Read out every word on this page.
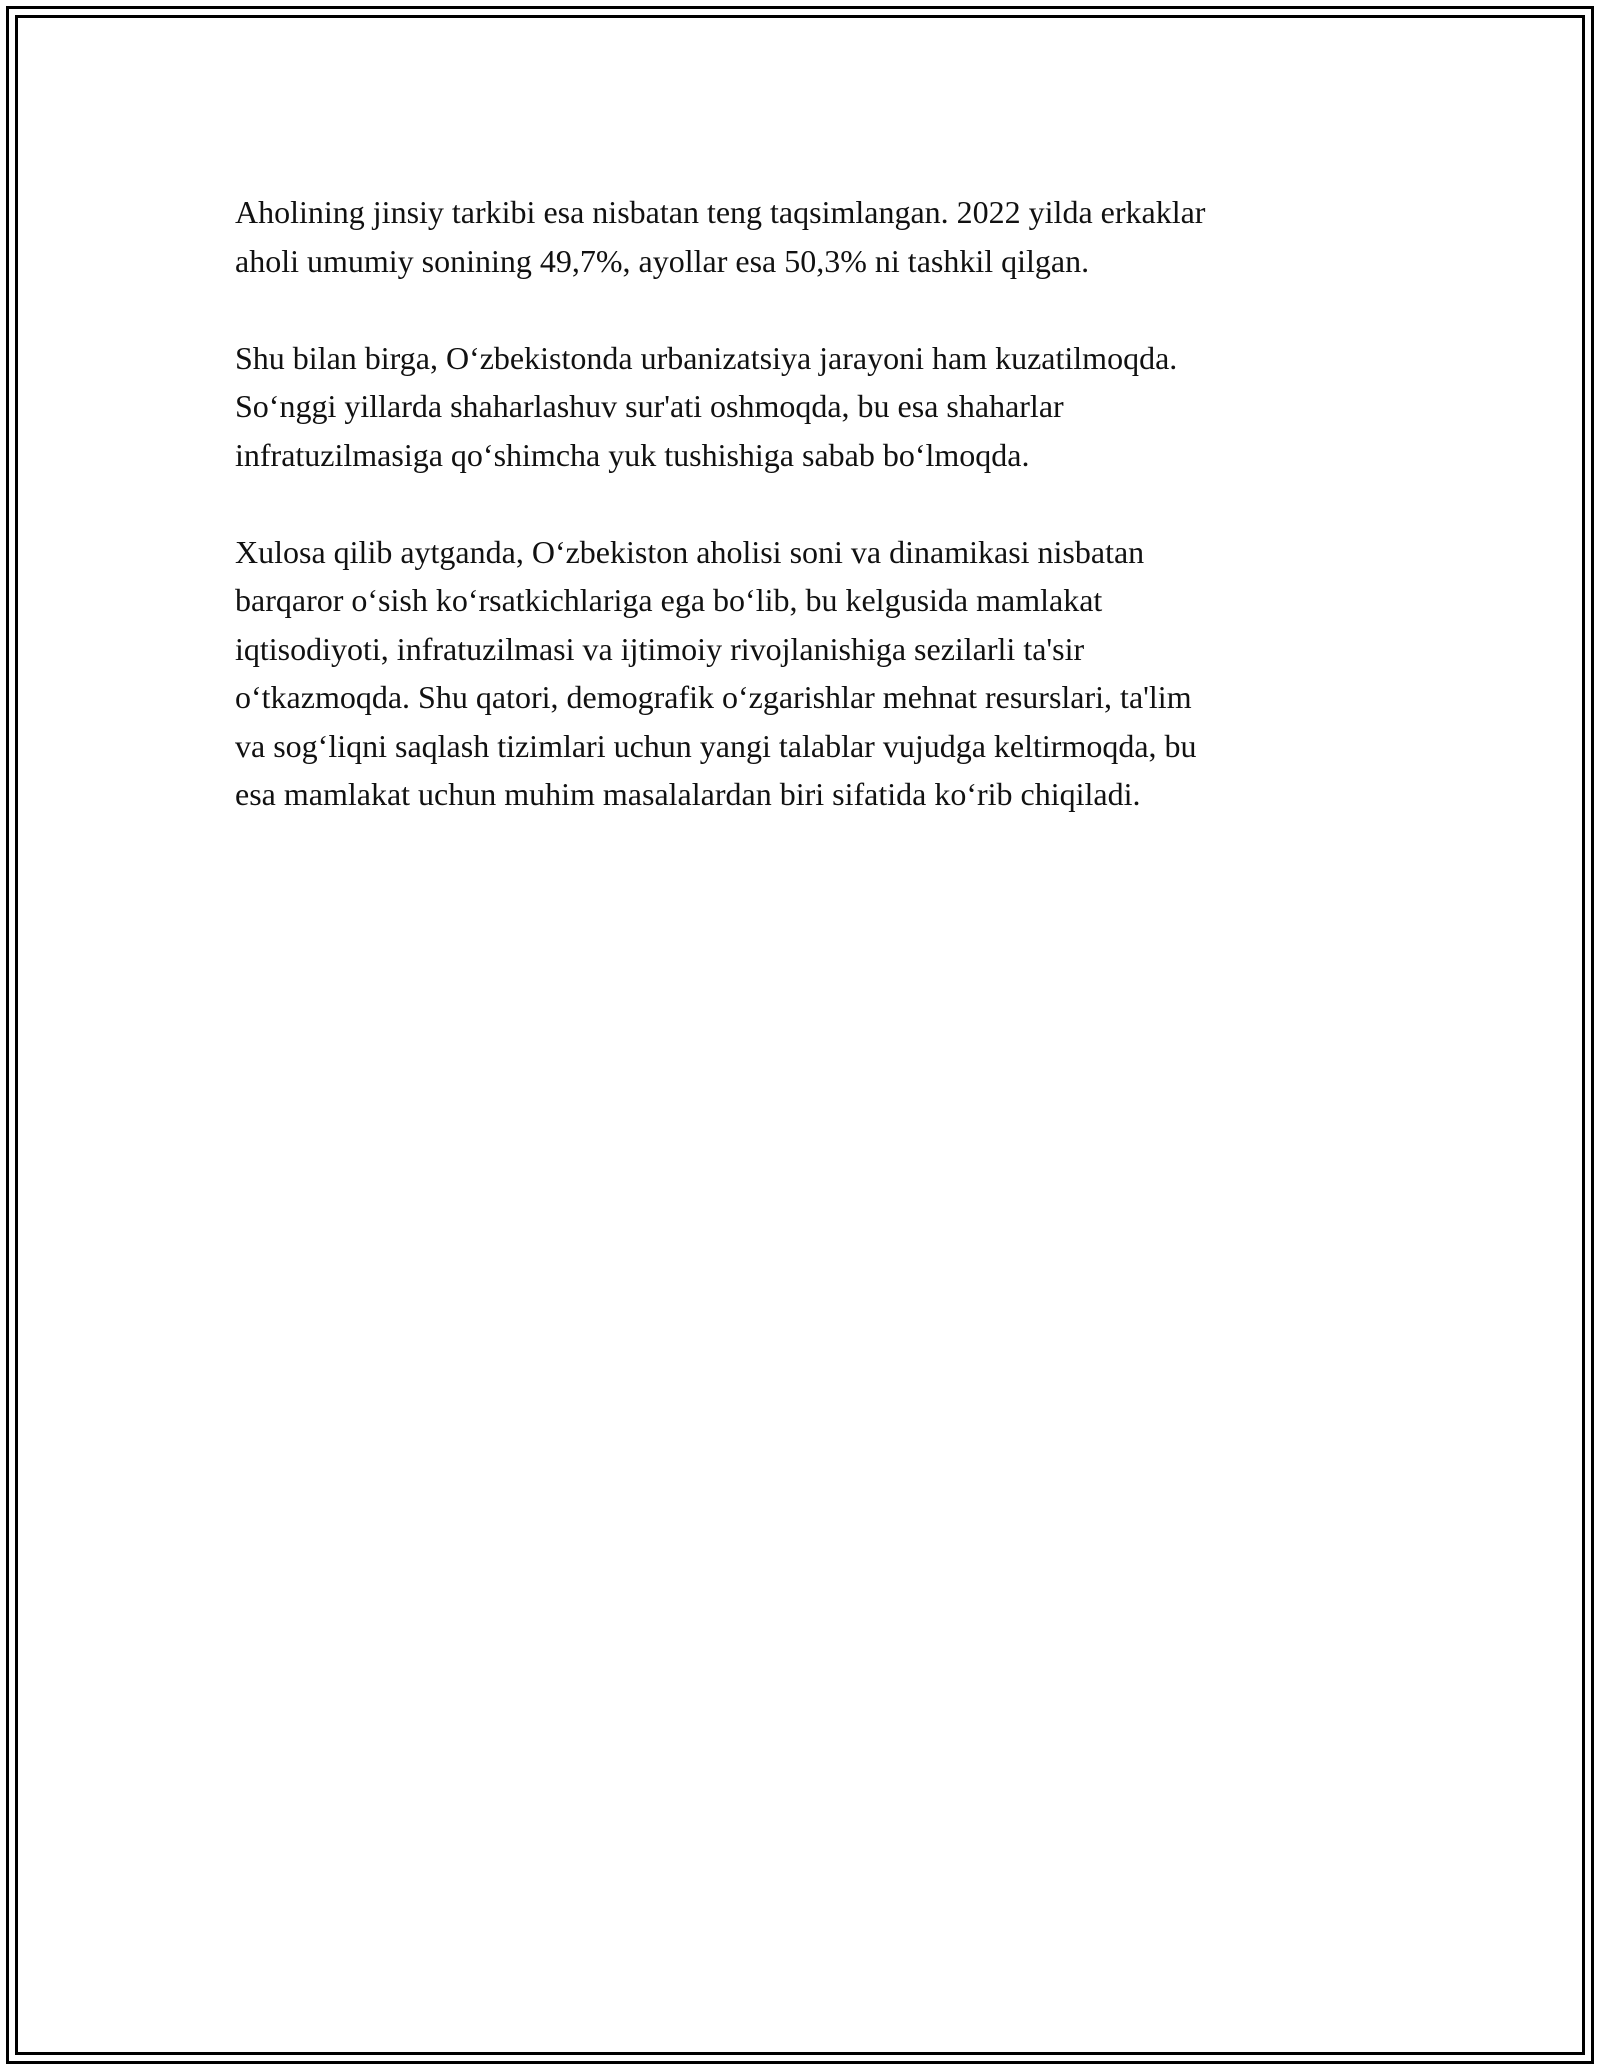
Aholining jinsiy tarkibi esa nisbatan teng taqsimlangan. 2022 yilda erkaklar
aholi umumiy sonining 49,7%, ayollar esa 50,3% ni tashkil qilgan.

Shu bilan birga, O‘zbekistonda urbanizatsiya jarayoni ham kuzatilmoqda.
So‘nggi yillarda shaharlashuv sur'ati oshmoqda, bu esa shaharlar
infratuzilmasiga qo‘shimcha yuk tushishiga sabab bo‘lmoqda.

Xulosa qilib aytganda, O‘zbekiston aholisi soni va dinamikasi nisbatan
barqaror o‘sish ko‘rsatkichlariga ega bo‘lib, bu kelgusida mamlakat
iqtisodiyoti, infratuzilmasi va ijtimoiy rivojlanishiga sezilarli ta'sir
o‘tkazmoqda. Shu qatori, demografik o‘zgarishlar mehnat resurslari, ta'lim
va sog‘liqni saqlash tizimlari uchun yangi talablar vujudga keltirmoqda, bu
esa mamlakat uchun muhim masalalardan biri sifatida ko‘rib chiqiladi.
